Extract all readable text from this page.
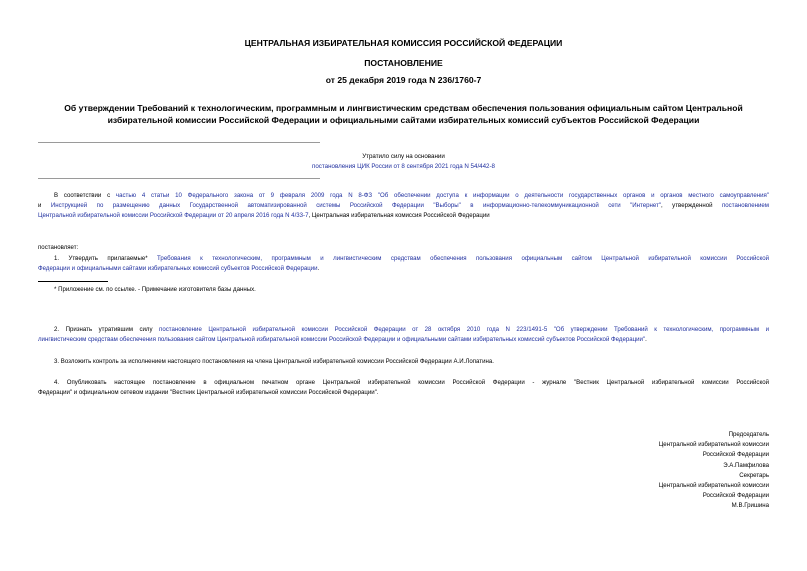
ЦЕНТРАЛЬНАЯ ИЗБИРАТЕЛЬНАЯ КОМИССИЯ РОССИЙСКОЙ ФЕДЕРАЦИИ
ПОСТАНОВЛЕНИЕ
от 25 декабря 2019 года N 236/1760-7
Об утверждении Требований к технологическим, программным и лингвистическим средствам обеспечения пользования официальным сайтом Центральной
избирательной комиссии Российской Федерации и официальными сайтами избирательных комиссий субъектов Российской Федерации
Утратило силу на основании
постановления ЦИК России от 8 сентября 2021 года N 54/442-8
В соответствии с частью 4 статьи 10 Федерального закона от 9 февраля 2009 года N 8-ФЗ "Об обеспечении доступа к информации о деятельности государственных органов и органов местного самоуправления"
и Инструкцией по размещению данных Государственной автоматизированной системы Российской Федерации "Выборы" в информационно-телекоммуникационной сети "Интернет", утвержденной постановлением
Центральной избирательной комиссии Российской Федерации от 20 апреля 2016 года N 4/33-7, Центральная избирательная комиссия Российской Федерации
постановляет:
1. Утвердить прилагаемые* Требования к технологическим, программным и лингвистическим средствам обеспечения пользования официальным сайтом Центральной избирательной комиссии Российской
Федерации и официальными сайтами избирательных комиссий субъектов Российской Федерации.
* Приложение см. по ссылке. - Примечание изготовителя базы данных.
2. Признать утратившим силу постановление Центральной избирательной комиссии Российской Федерации от 28 октября 2010 года N 223/1491-5 "Об утверждении Требований к технологическим, программным и
лингвистическим средствам обеспечения пользования сайтом Центральной избирательной комиссии Российской Федерации и официальными сайтами избирательных комиссий субъектов Российской Федерации".
3. Возложить контроль за исполнением настоящего постановления на члена Центральной избирательной комиссии Российской Федерации А.И.Лопатина.
4. Опубликовать настоящее постановление в официальном печатном органе Центральной избирательной комиссии Российской Федерации - журнале "Вестник Центральной избирательной комиссии Российской
Федерации" и официальном сетевом издании "Вестник Центральной избирательной комиссии Российской Федерации".
Председатель
Центральной избирательной комиссии
Российской Федерации
Э.А.Памфилова
Секретарь
Центральной избирательной комиссии
Российской Федерации
М.В.Гришина
